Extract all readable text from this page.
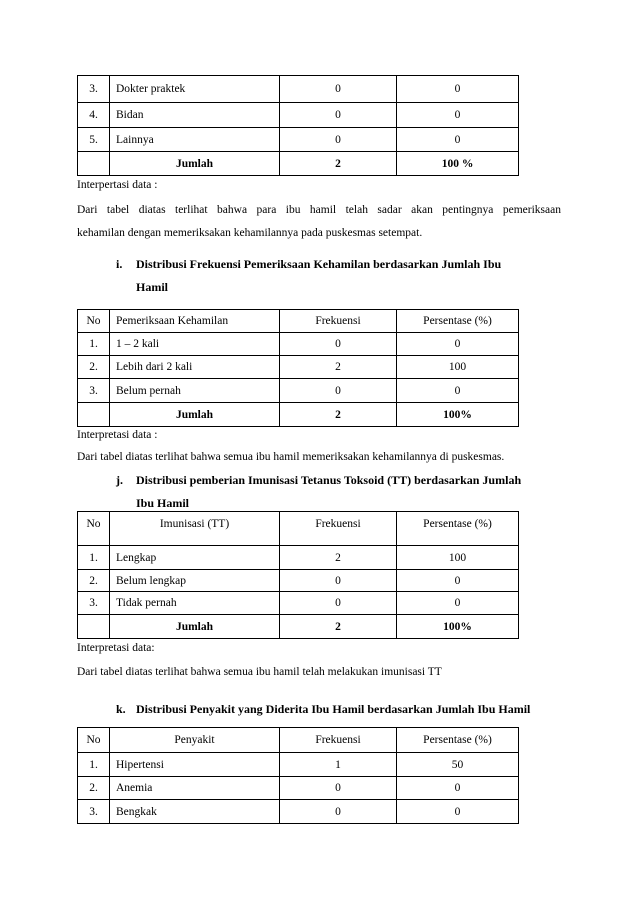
3.	Dokter praktek	0	0
4.	Bidan	0	0
5.	Lainnya	0	0
	Jumlah	2	100 %
Interpertasi data :
Dari tabel diatas terlihat bahwa para ibu hamil telah sadar akan pentingnya pemeriksaan
kehamilan dengan memeriksakan kehamilannya pada puskesmas setempat.
i. Distribusi Frekuensi Pemeriksaan Kehamilan berdasarkan Jumlah Ibu
Hamil
No	Pemeriksaan Kehamilan	Frekuensi	Persentase (%)
1.	1 – 2 kali	0	0
2.	Lebih dari 2 kali	2	100
3.	Belum pernah	0	0
	Jumlah	2	100%
Interpretasi data :
Dari tabel diatas terlihat bahwa semua ibu hamil memeriksakan kehamilannya di puskesmas.
j. Distribusi pemberian Imunisasi Tetanus Toksoid (TT) berdasarkan Jumlah
Ibu Hamil
No	Imunisasi (TT)	Frekuensi	Persentase (%)
1.	Lengkap	2	100
2.	Belum lengkap	0	0
3.	Tidak pernah	0	0
	Jumlah	2	100%
Interpretasi data:
Dari tabel diatas terlihat bahwa semua ibu hamil telah melakukan imunisasi TT
k. Distribusi Penyakit yang Diderita Ibu Hamil berdasarkan Jumlah Ibu Hamil
No	Penyakit	Frekuensi	Persentase (%)
1.	Hipertensi	1	50
2.	Anemia	0	0
3.	Bengkak	0	0
